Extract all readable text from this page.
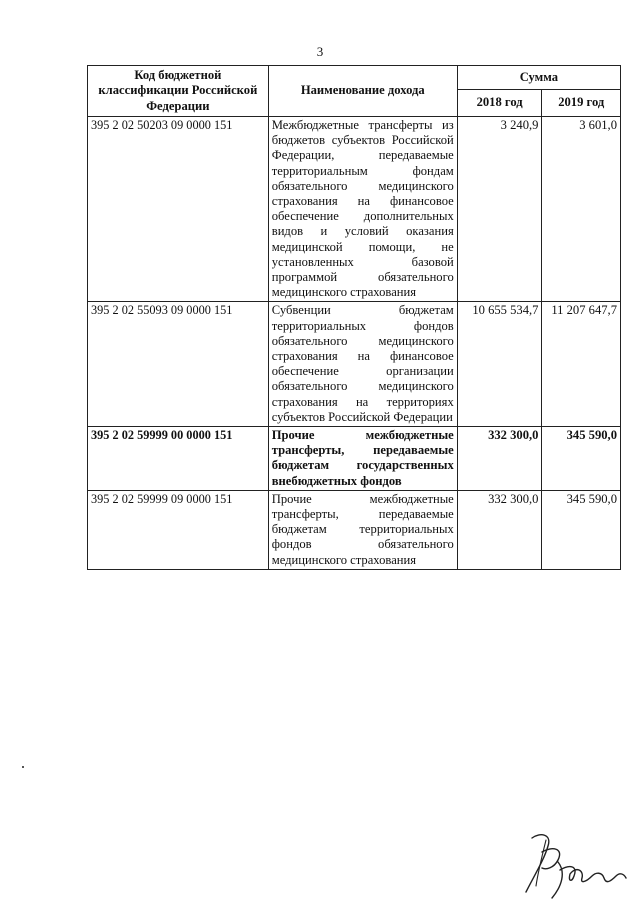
3
Код бюджетной классификации Российской Федерации	Наименование дохода	Сумма	
		2018 год	2019 год
395 2 02 50203 09 0000 151	Межбюджетные трансферты из бюджетов субъектов Российской Федерации, передаваемые территориальным фондам обязательного медицинского страхования на финансовое обеспечение дополнительных видов и условий оказания медицинской помощи, не установленных базовой программой обязательного медицинского страхования	3 240,9	3 601,0
395 2 02 55093 09 0000 151	Субвенции бюджетам территориальных фондов обязательного медицинского страхования на финансовое обеспечение организации обязательного медицинского страхования на территориях субъектов Российской Федерации	10 655 534,7	11 207 647,7
395 2 02 59999 00 0000 151	Прочие межбюджетные трансферты, передаваемые бюджетам государственных внебюджетных фондов	332 300,0	345 590,0
395 2 02 59999 09 0000 151	Прочие межбюджетные трансферты, передаваемые бюджетам территориальных фондов обязательного медицинского страхования	332 300,0	345 590,0
